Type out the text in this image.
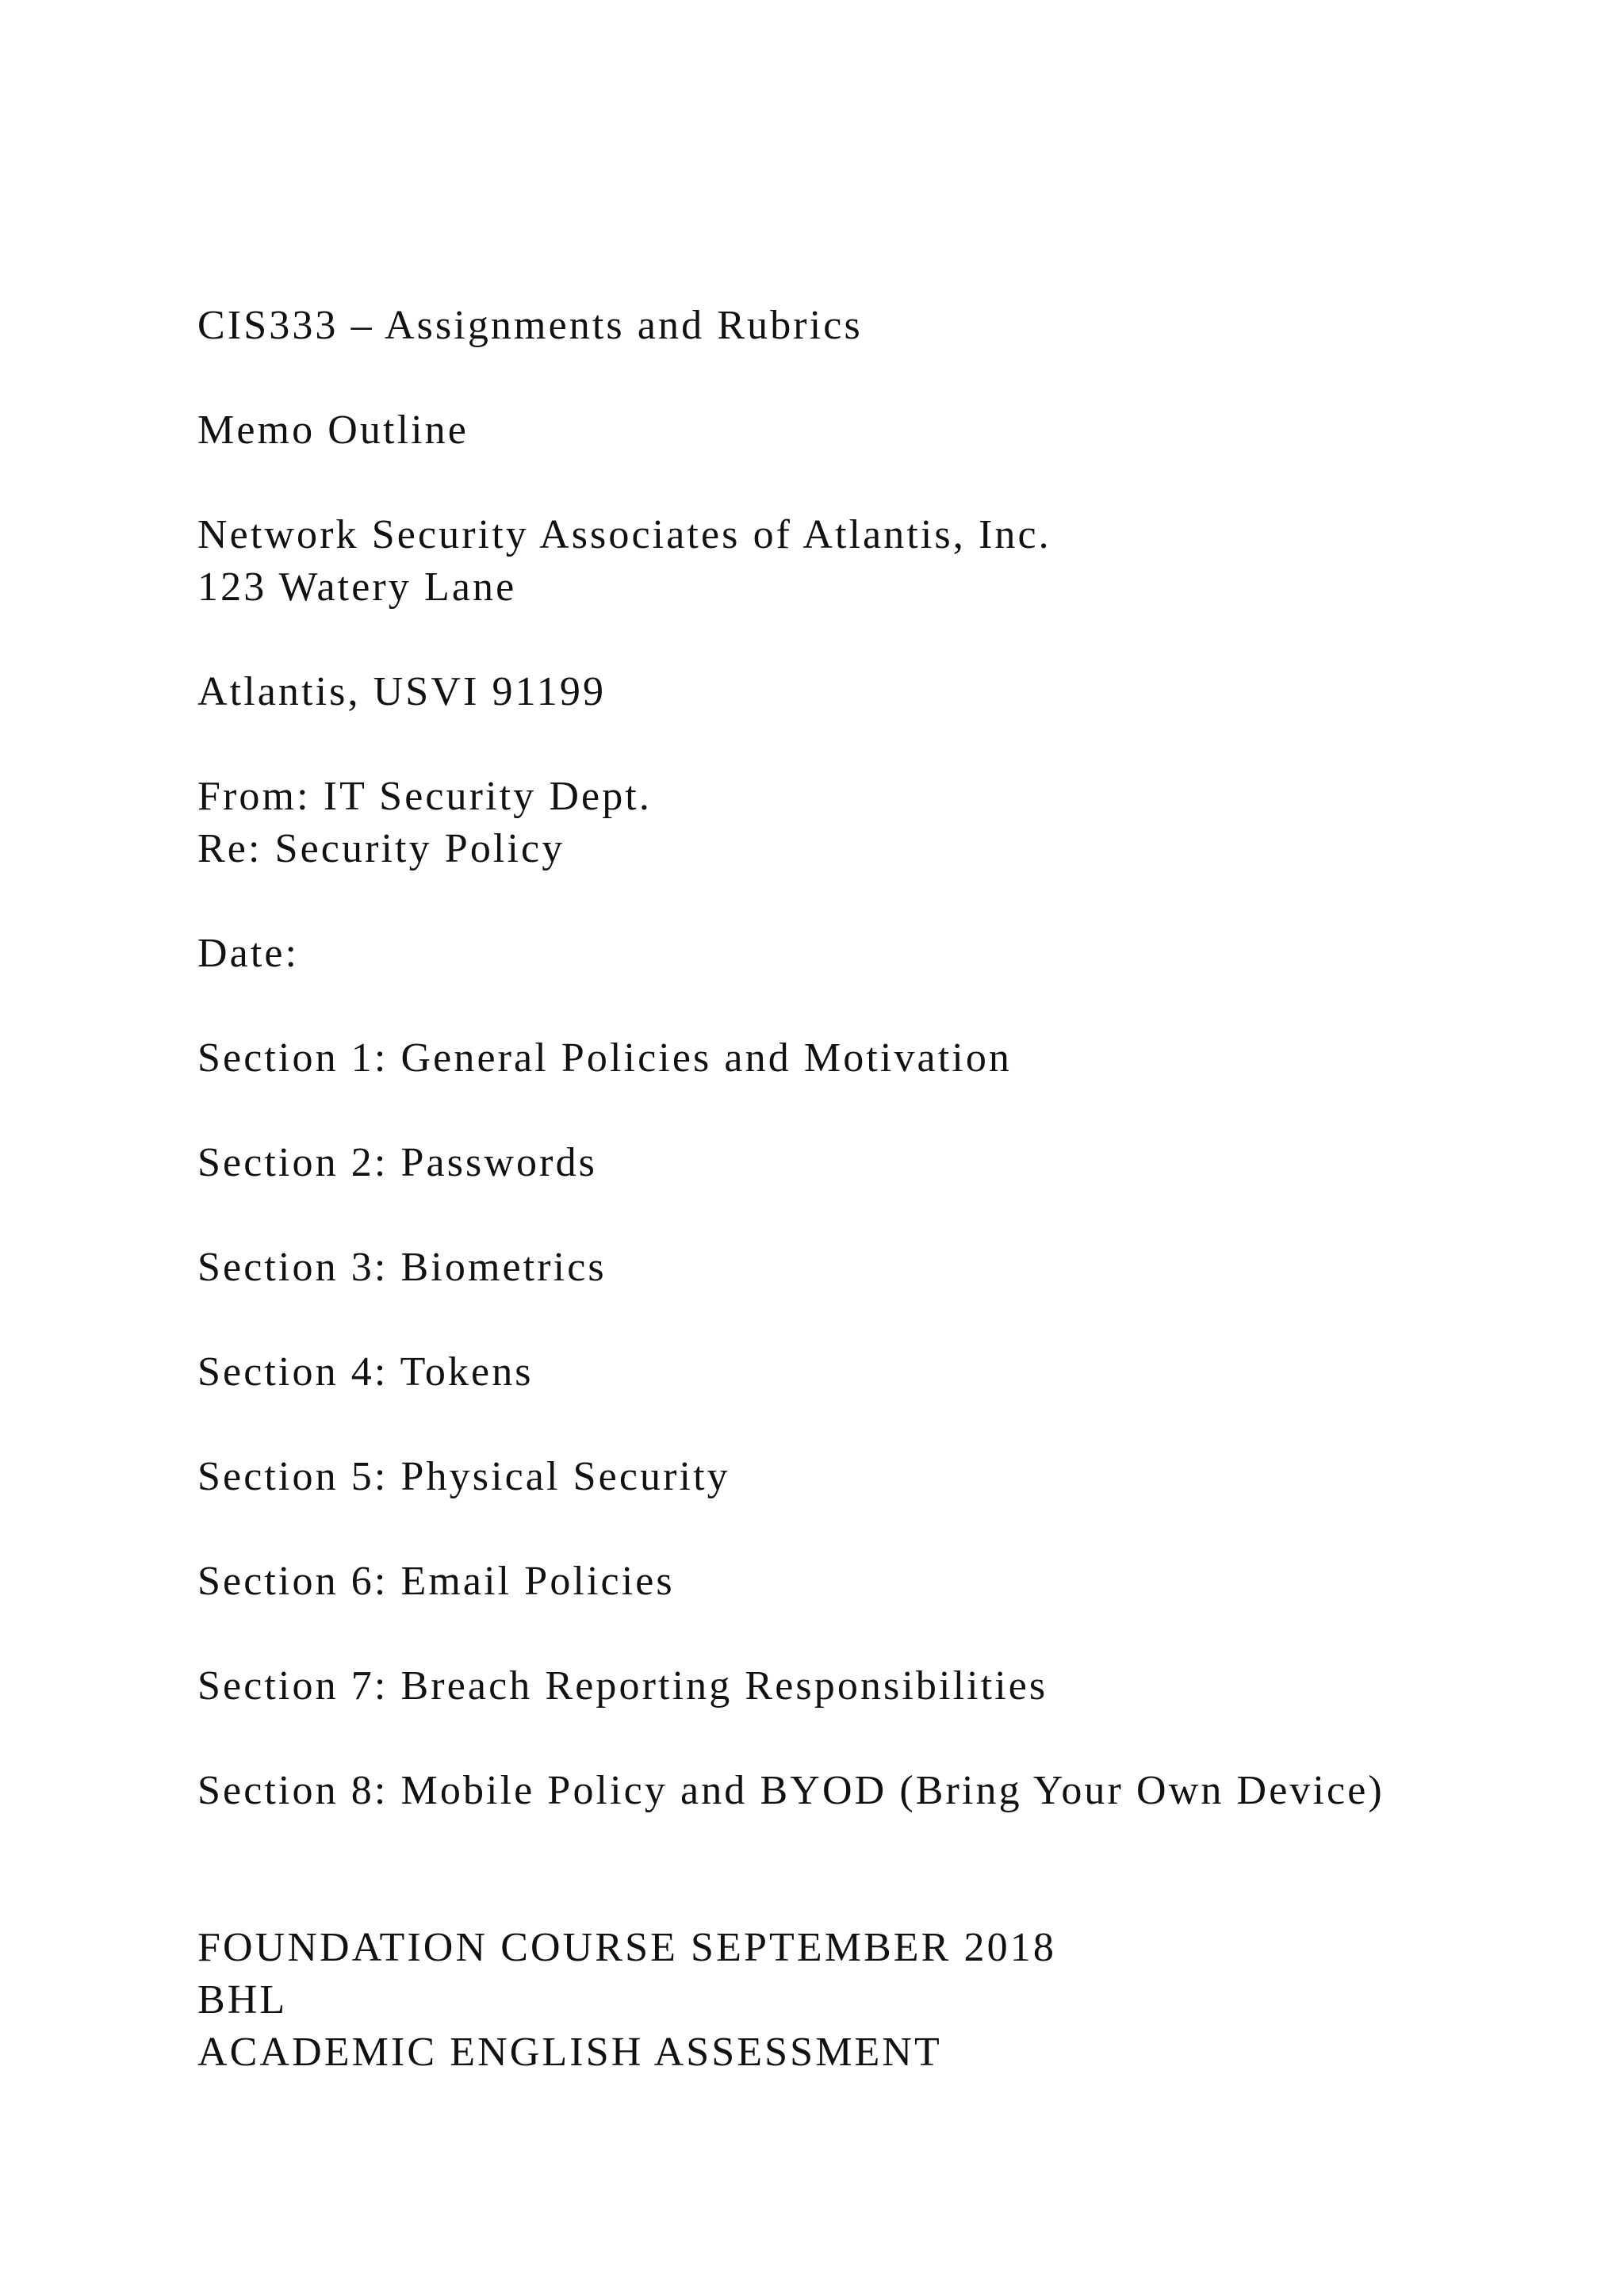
CIS333 – Assignments and Rubrics

Memo Outline

Network Security Associates of Atlantis, Inc.

123 Watery Lane

Atlantis, USVI 91199

From: IT Security Dept.

Re: Security Policy

Date:

Section 1: General Policies and Motivation

Section 2: Passwords

Section 3: Biometrics

Section 4: Tokens

Section 5: Physical Security

Section 6: Email Policies

Section 7: Breach Reporting Responsibilities

Section 8: Mobile Policy and BYOD (Bring Your Own Device)

FOUNDATION COURSE SEPTEMBER 2018

BHL

ACADEMIC ENGLISH ASSESSMENT
